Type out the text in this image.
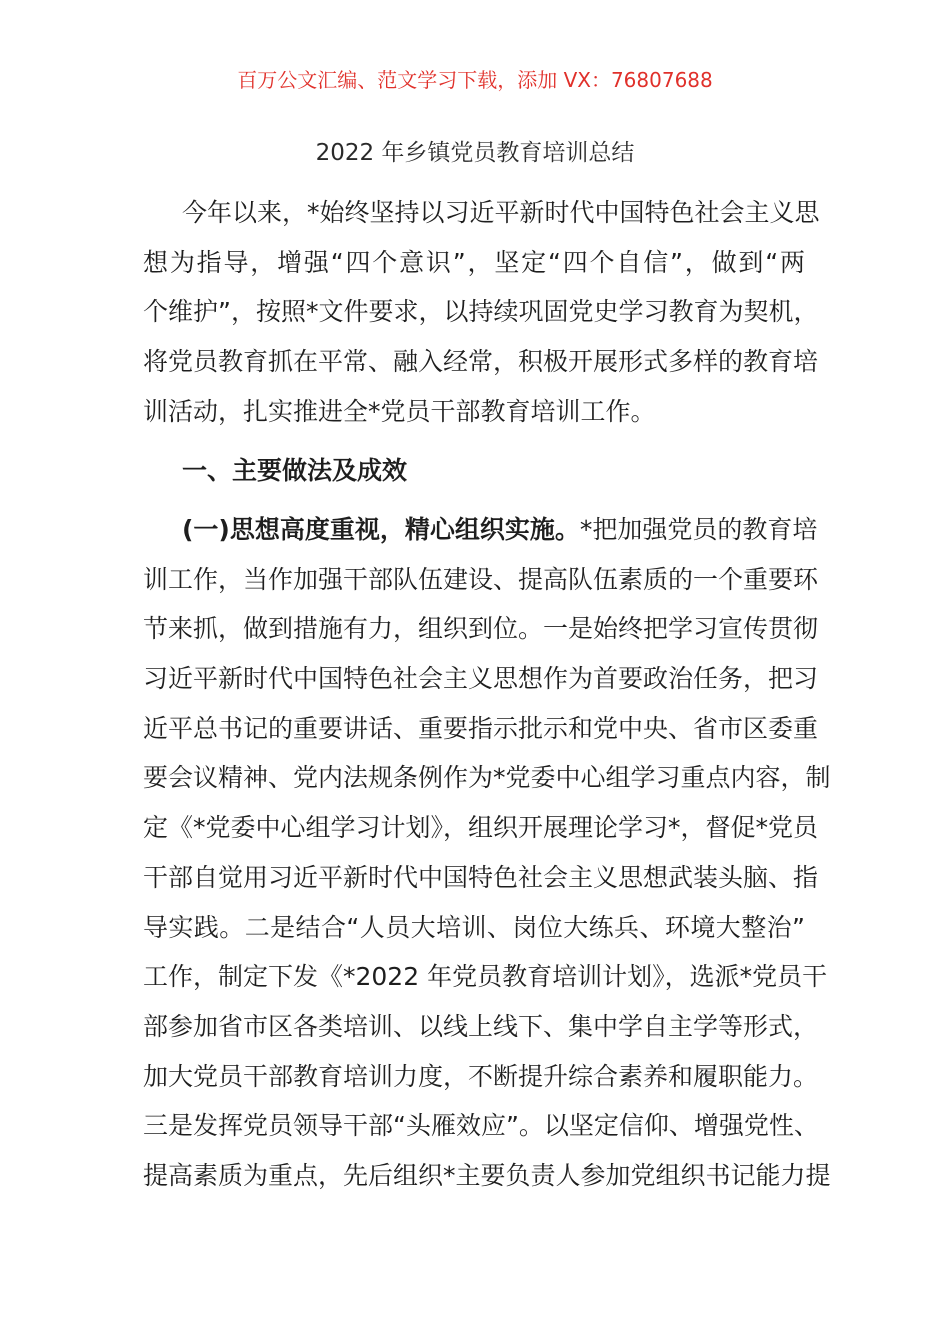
百万公文汇编、范文学习下载，添加 VX：76807688
2022 年乡镇党员教育培训总结
今年以来，*始终坚持以习近平新时代中国特色社会主义思
想为指导，增强“四个意识”，坚定“四个自信”，做到“两
个维护”，按照*文件要求，以持续巩固党史学习教育为契机，
将党员教育抓在平常、融入经常，积极开展形式多样的教育培
训活动，扎实推进全*党员干部教育培训工作。
一、主要做法及成效
(一)思想高度重视，精心组织实施。*把加强党员的教育培
训工作，当作加强干部队伍建设、提高队伍素质的一个重要环
节来抓，做到措施有力，组织到位。一是始终把学习宣传贯彻
习近平新时代中国特色社会主义思想作为首要政治任务，把习
近平总书记的重要讲话、重要指示批示和党中央、省市区委重
要会议精神、党内法规条例作为*党委中心组学习重点内容，制
定《*党委中心组学习计划》，组织开展理论学习*，督促*党员
干部自觉用习近平新时代中国特色社会主义思想武装头脑、指
导实践。二是结合“人员大培训、岗位大练兵、环境大整治”
工作，制定下发《*2022 年党员教育培训计划》，选派*党员干
部参加省市区各类培训、以线上线下、集中学自主学等形式，
加大党员干部教育培训力度，不断提升综合素养和履职能力。
三是发挥党员领导干部“头雁效应”。以坚定信仰、增强党性、
提高素质为重点，先后组织*主要负责人参加党组织书记能力提
